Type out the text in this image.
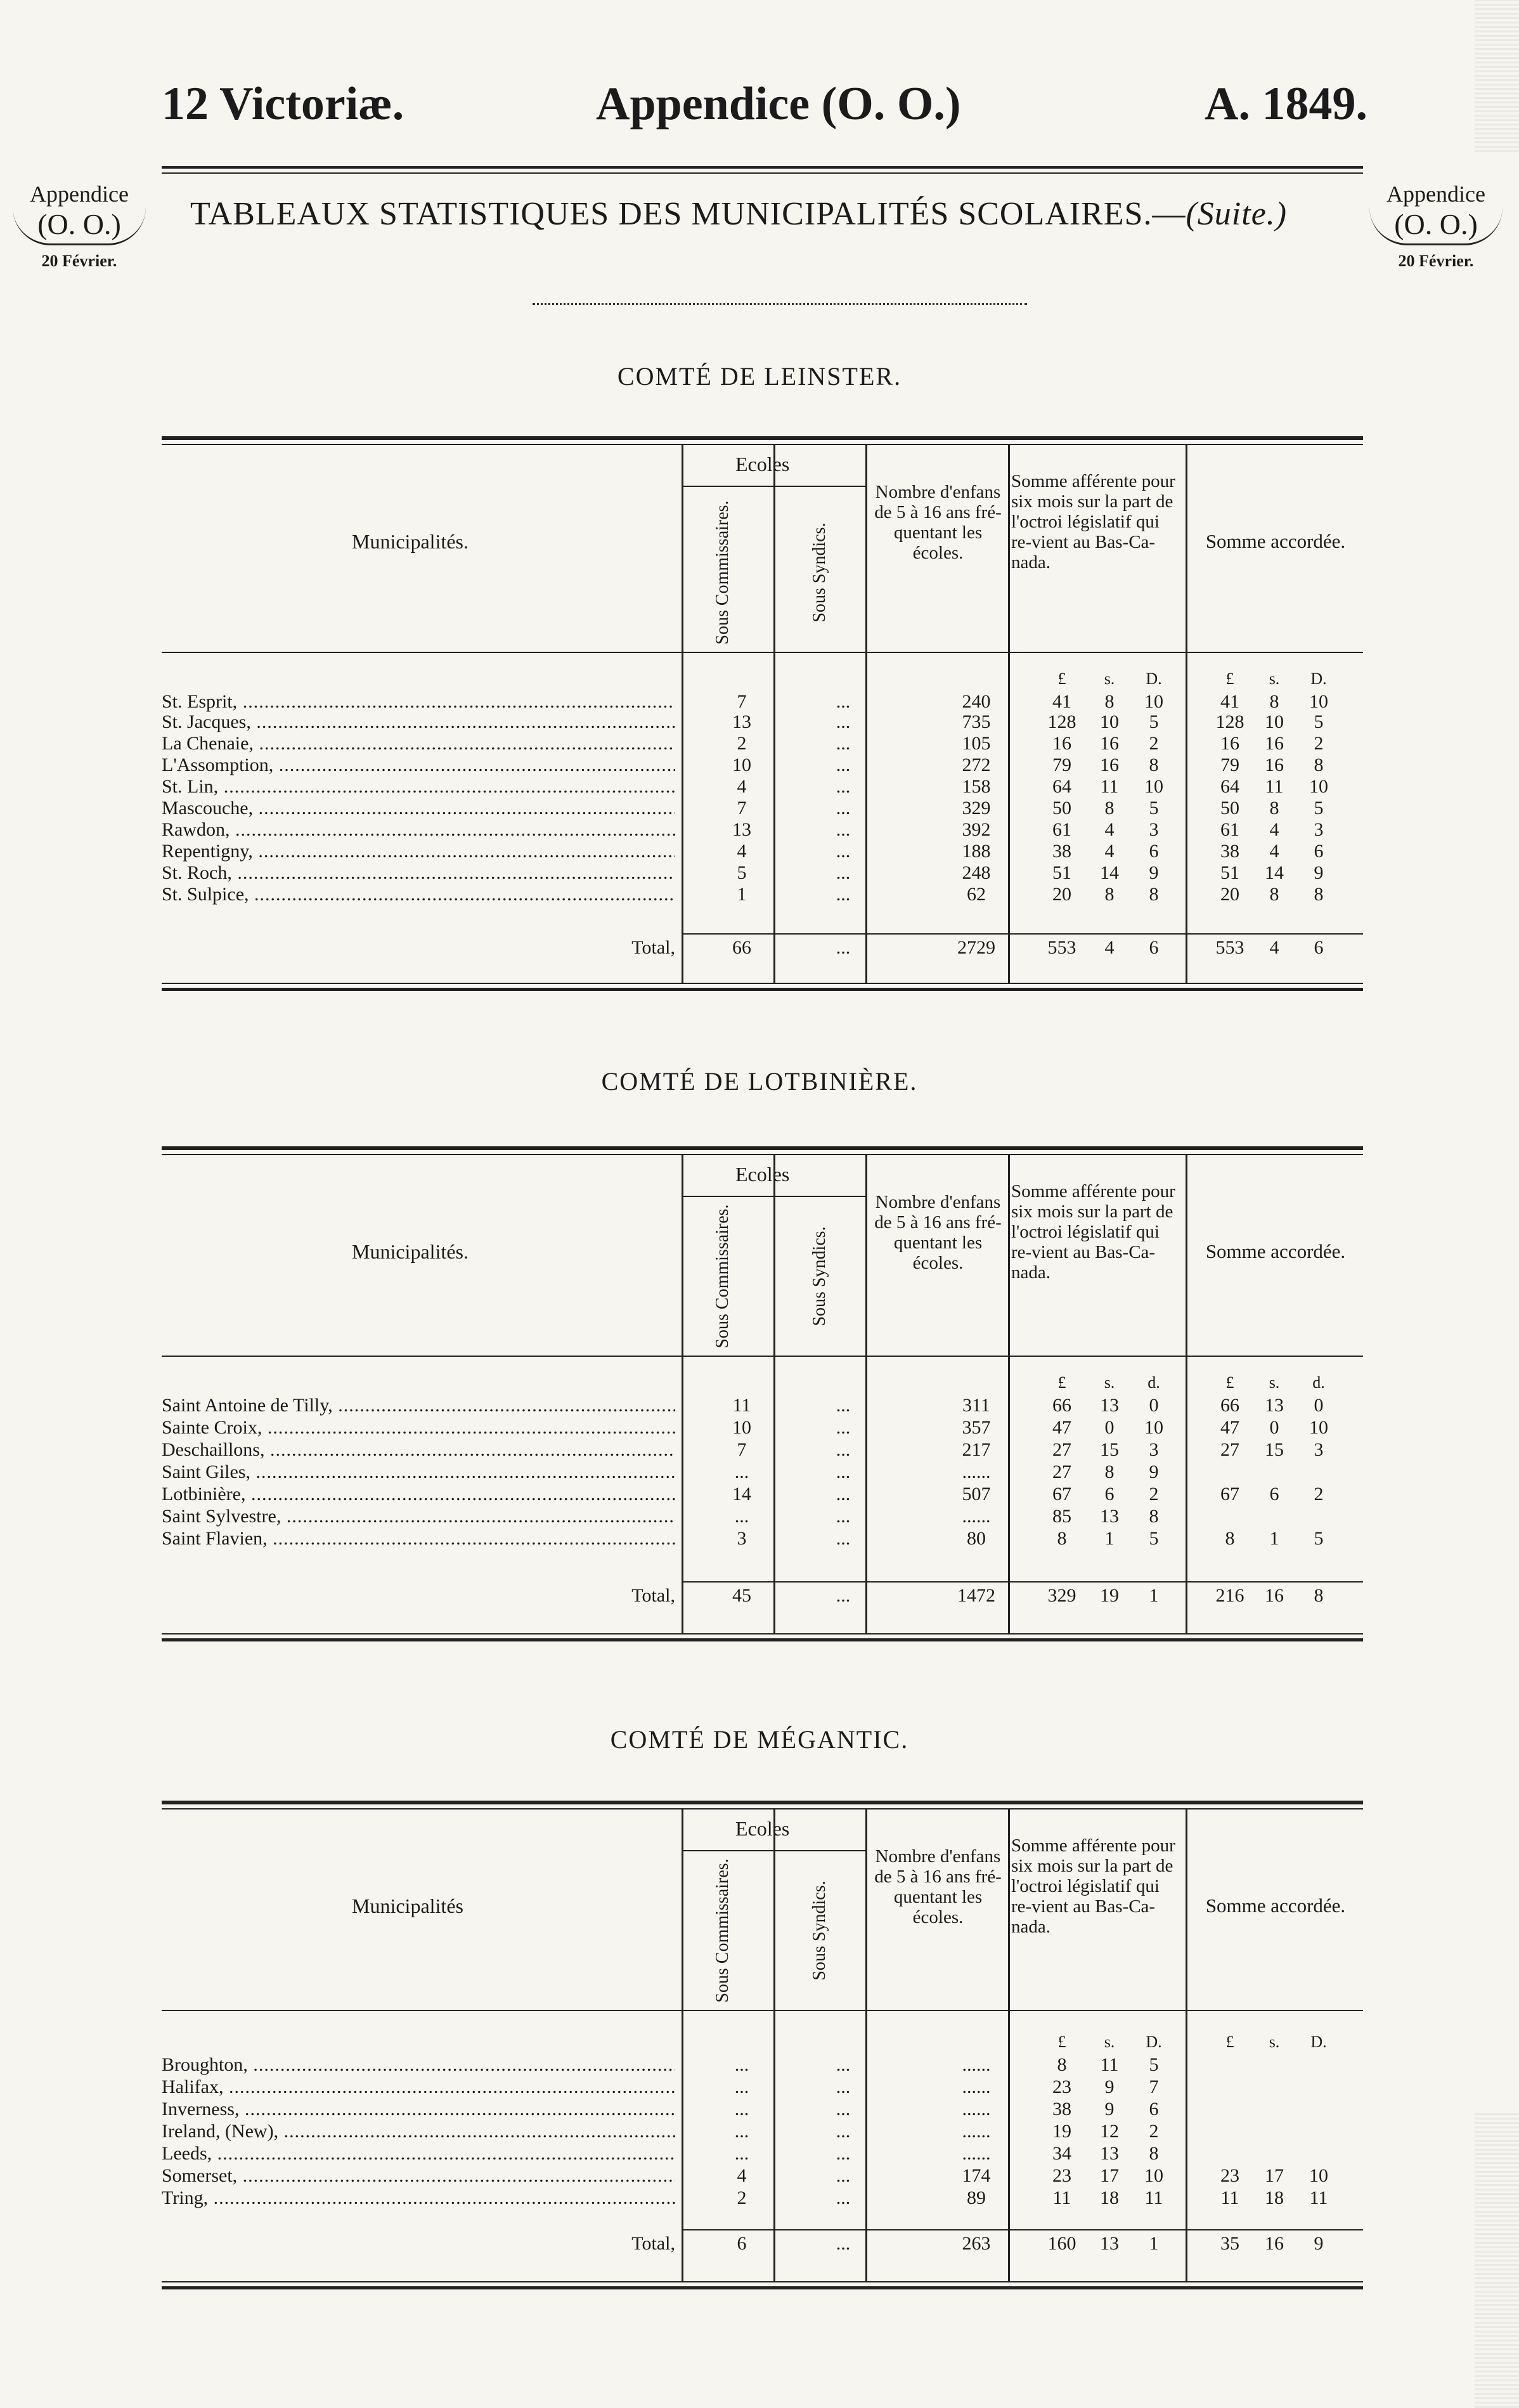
12 Victoriæ.	Appendice (O. O.)	A. 1849.
Appendice
(O. O.)
20 Février.
Appendice
(O. O.)
20 Février.
TABLEAUX STATISTIQUES DES MUNICIPALITÉS SCOLAIRES.—(Suite.)
COMTÉ DE LEINSTER.
Municipalités.
Ecoles
Sous Commissaires.	Sous Syndics.
Nombre d'enfans de 5 à 16 ans fré-quentant les écoles.
Somme afférente pour six mois sur la part de l'octroi législatif qui re-vient au Bas-Ca-nada.
Somme accordée.
£	s.	D.	£	s.	D.
St. Esprit, .....	7	...	240	41	8	10	41	8	10
St. Jacques, .....	13	...	735	128	10	5	128	10	5
La Chenaie, .....	2	...	105	16	16	2	16	16	2
L'Assomption, .....	10	...	272	79	16	8	79	16	8
St. Lin, .....	4	...	158	64	11	10	64	11	10
Mascouche, .....	7	...	329	50	8	5	50	8	5
Rawdon, .....	13	...	392	61	4	3	61	4	3
Repentigny, .....	4	...	188	38	4	6	38	4	6
St. Roch, .....	5	...	248	51	14	9	51	14	9
St. Sulpice, .....	1	...	62	20	8	8	20	8	8
Total,	66	...	2729	553	4	6	553	4	6
COMTÉ DE LOTBINIÈRE.
Municipalités.
Ecoles
Sous Commissaires.	Sous Syndics.
Nombre d'enfans de 5 à 16 ans fré-quentant les écoles.
Somme afférente pour six mois sur la part de l'octroi législatif qui re-vient au Bas-Ca-nada.
Somme accordée.
£	s.	d.	£	s.	d.
Saint Antoine de Tilly, .....	11	...	311	66	13	0	66	13	0
Sainte Croix, .....	10	...	357	47	0	10	47	0	10
Deschaillons, .....	7	...	217	27	15	3	27	15	3
Saint Giles, .....	...	...	......	27	8	9
Lotbinière, .....	14	...	507	67	6	2	67	6	2
Saint Sylvestre, .....	...	...	......	85	13	8
Saint Flavien, .....	3	...	80	8	1	5	8	1	5
Total,	45	...	1472	329	19	1	216	16	8
COMTÉ DE MÉGANTIC.
Municipalités
Ecoles
Sous Commissaires.	Sous Syndics.
Nombre d'enfans de 5 à 16 ans fré-quentant les écoles.
Somme afférente pour six mois sur la part de l'octroi législatif qui re-vient au Bas-Ca-nada.
Somme accordée.
£	s.	D.	£	s.	D.
Broughton, .....	...	...	......	8	11	5
Halifax, .....	...	...	......	23	9	7
Inverness, .....	...	...	......	38	9	6
Ireland, (New), .....	...	...	......	19	12	2
Leeds, .....	...	...	......	34	13	8
Somerset, .....	4	...	174	23	17	10	23	17	10
Tring, .....	2	...	89	11	18	11	11	18	11
Total,	6	...	263	160	13	1	35	16	9
